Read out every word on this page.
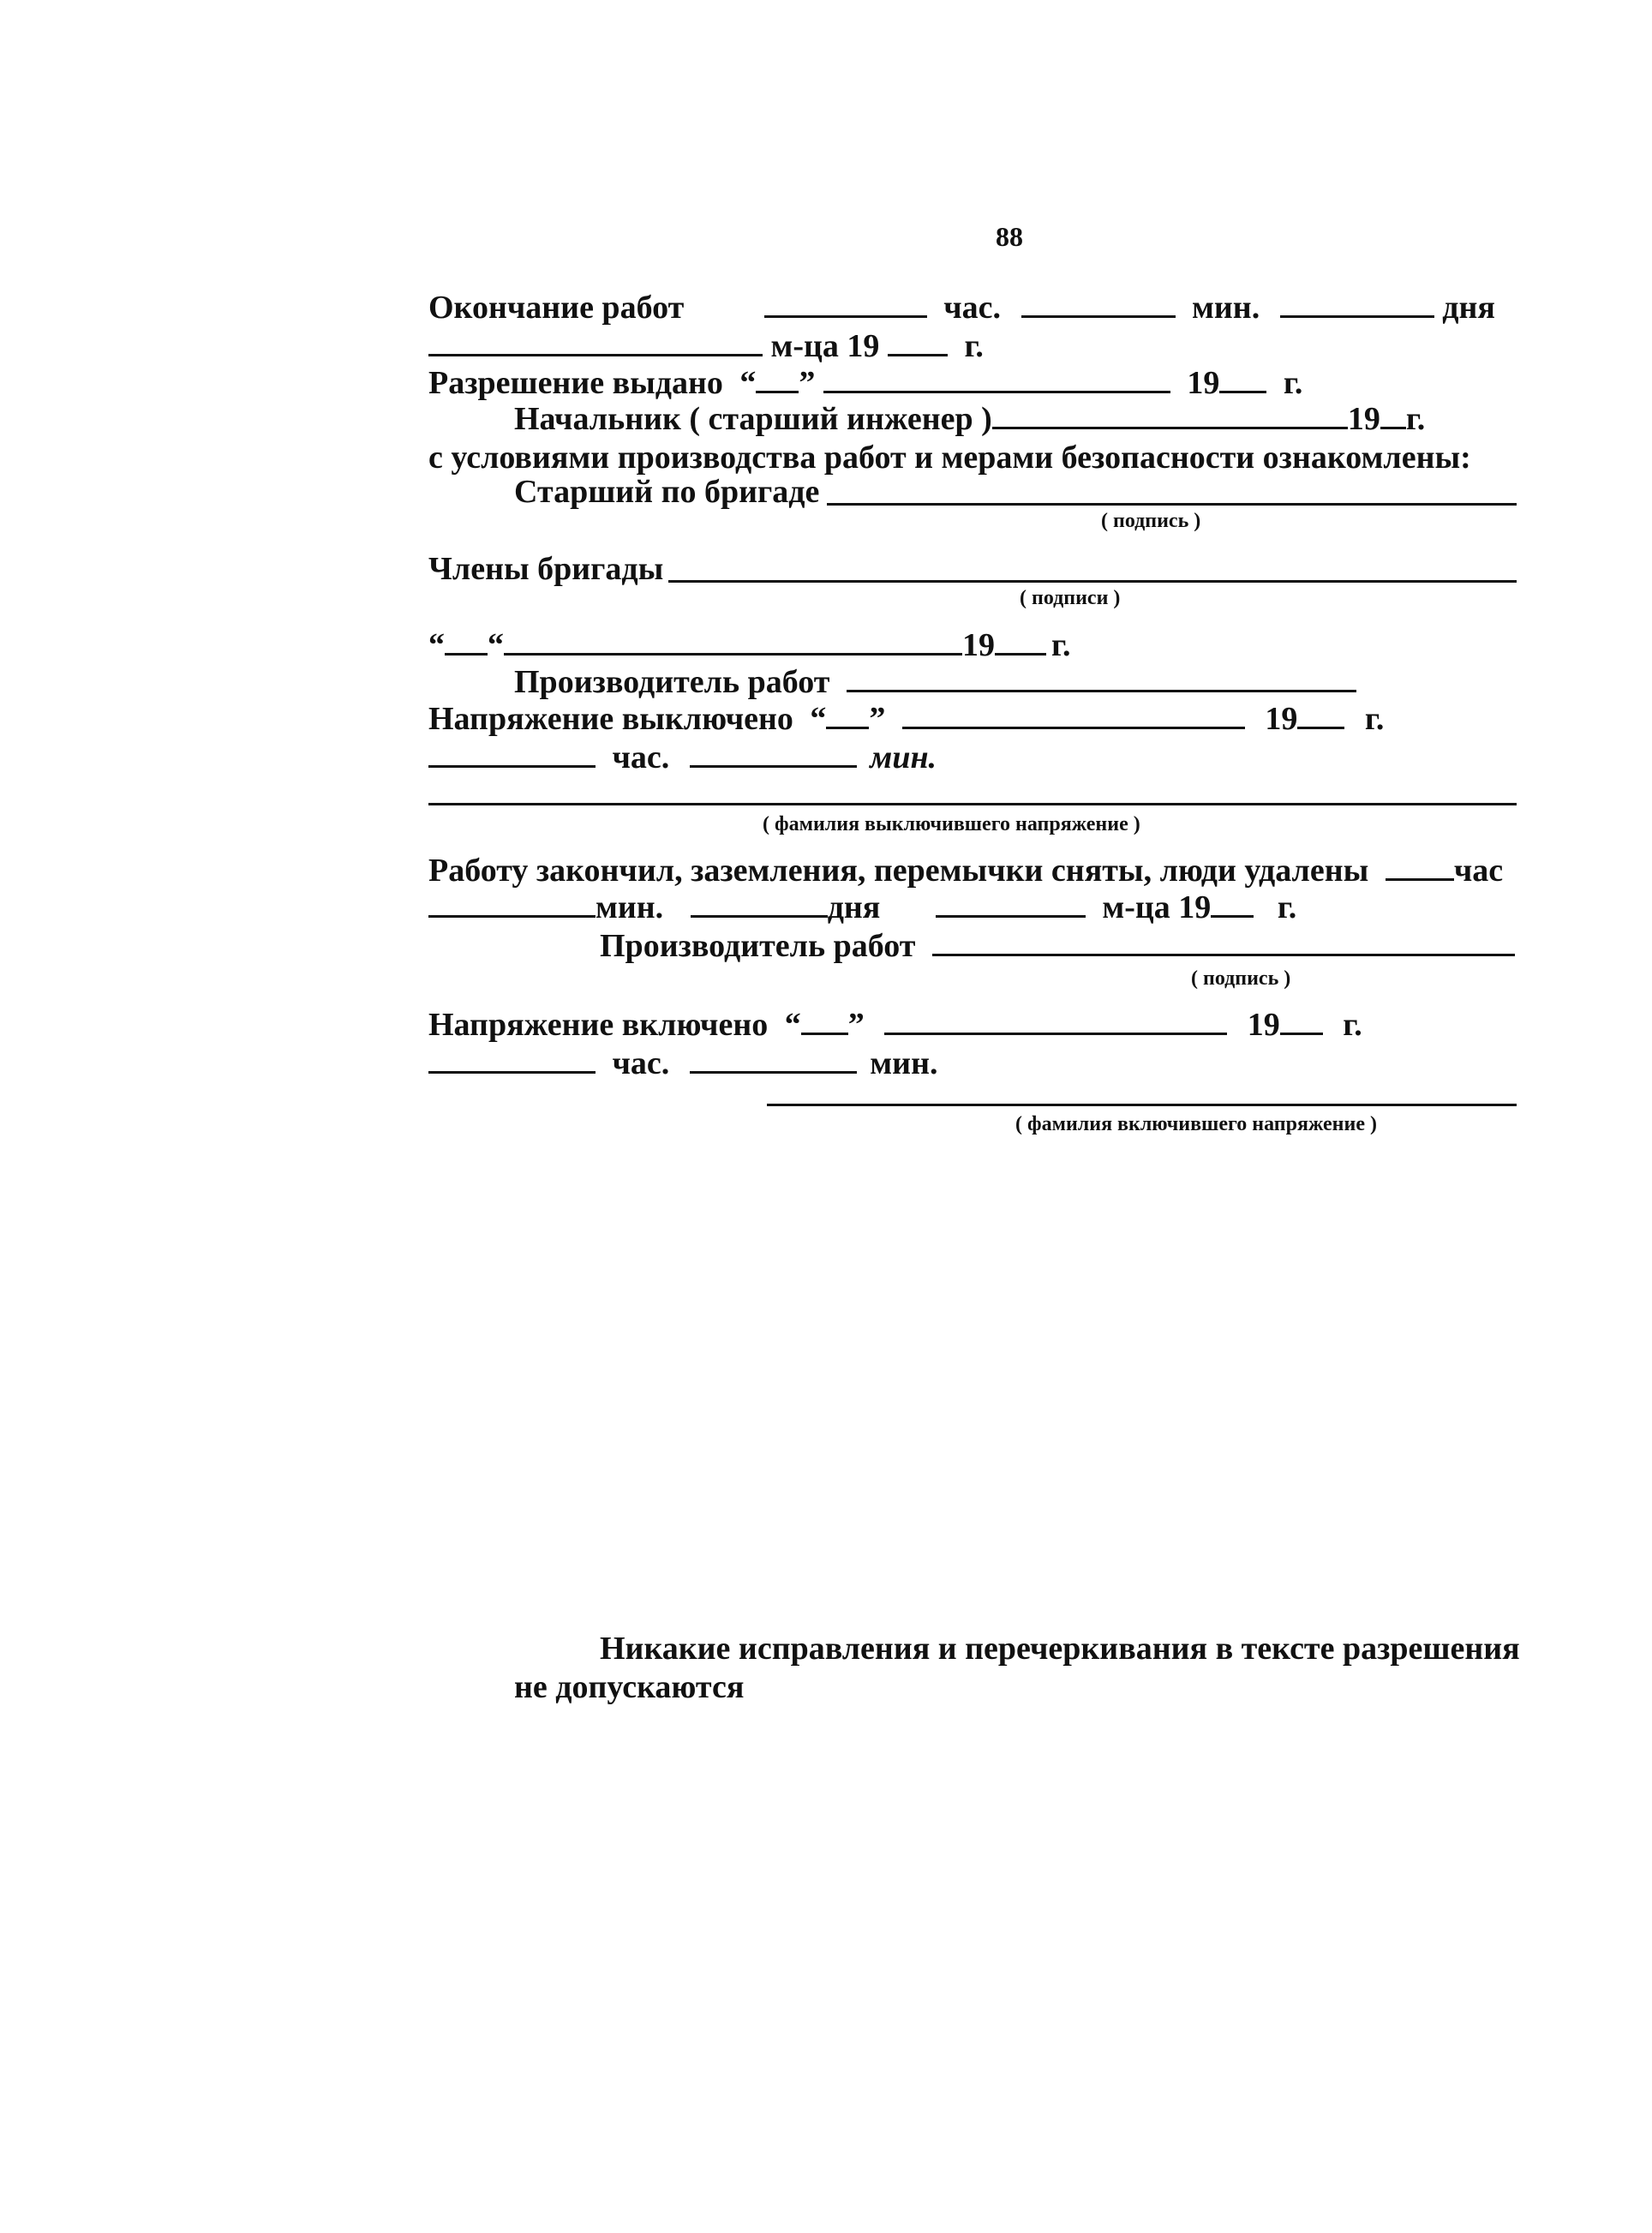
88
Окончание работ	час.	мин.	дня
м-ца 19	г.
Разрешение выдано “ ”	19 г.
Начальник ( старший инженер )	19 г.
с условиями производства работ и мерами безопасности ознакомлены:
Старший по бригаде
( подпись )
Члены бригады
( подписи )
“ “	19 г.
Производитель работ
Напряжение выключено “ ”	19 г.
час.	мин.
( фамилия выключившего напряжение )
Работу закончил, заземления, перемычки сняты, люди удалены	час
мин.	дня	м-ца 19 г.
Производитель работ
( подпись )
Напряжение включено “ ”	19 г.
час.	мин.
( фамилия включившего напряжение )
Никакие исправления и перечеркивания в тексте разрешения
не допускаются
